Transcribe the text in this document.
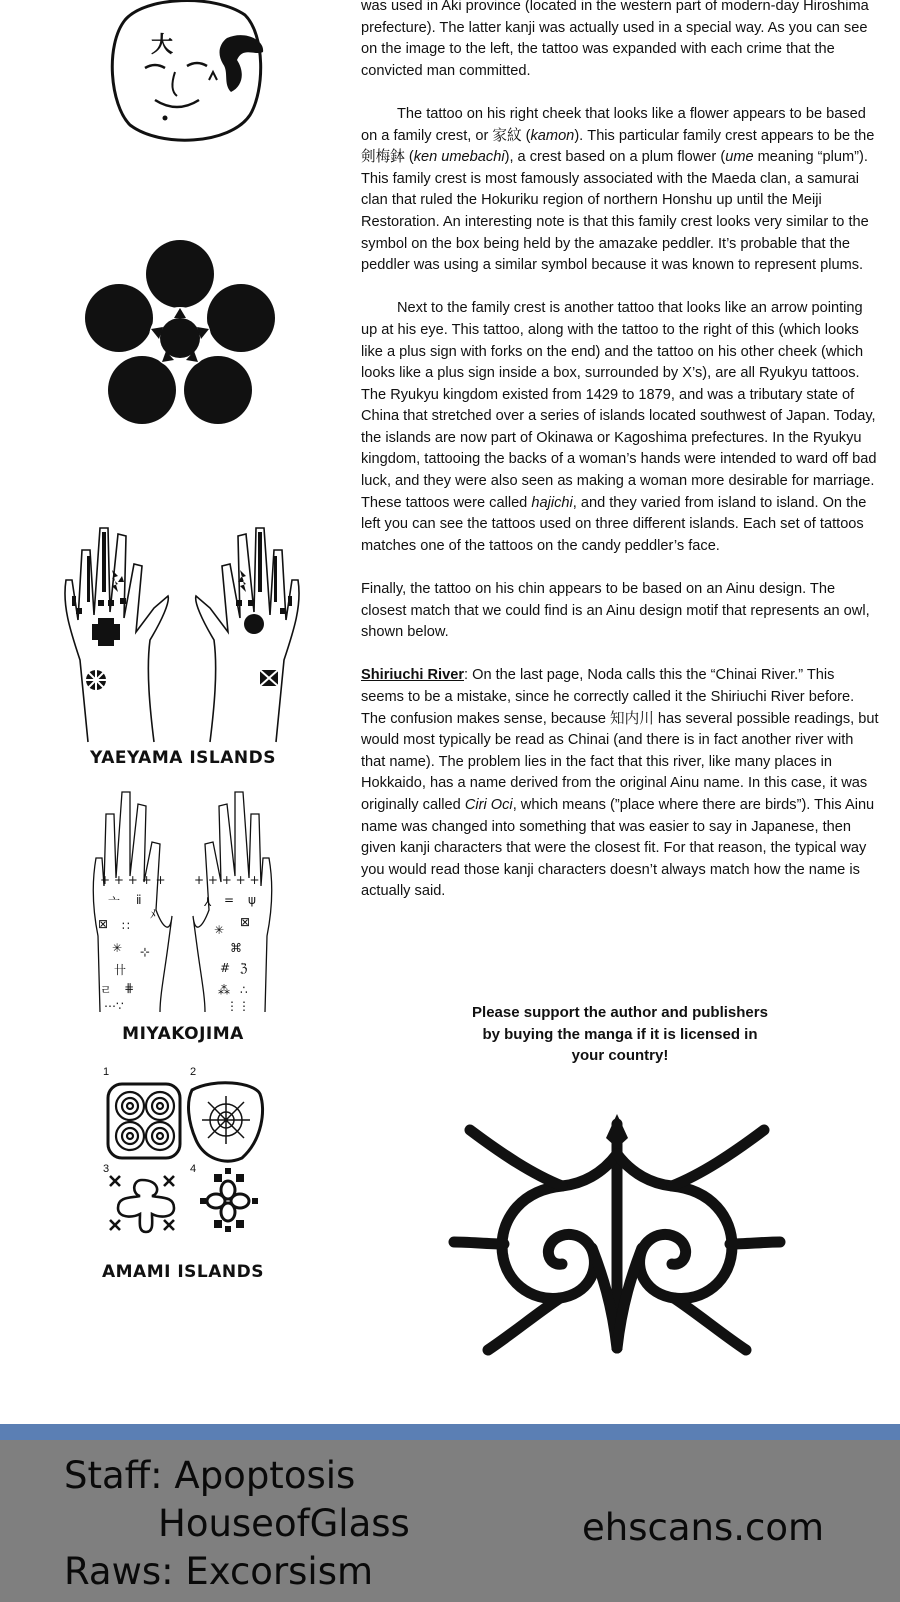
大
YAEYAMA ISLANDS
+ + + + +
亠 ⅱ
ﾒ
⊠ ∷
✳ ⊹
卄
ㄹ ⋕
⋯∵
+ + + + +
⅄ = ψ
⊠
✳
⌘
# ℨ
⁂ ∴
⋮⋮
MIYAKOJIMA
1	2
3	4
AMAMI ISLANDS

was used in Aki province (located in the western part of modern-day Hiroshima prefecture). The latter kanji was actually used in a special way. As you can see on the image to the left, the tattoo was expanded with each crime that the convicted man committed.

The tattoo on his right cheek that looks like a flower appears to be based on a family crest, or 家紋 (kamon). This particular family crest appears to be the 剣梅鉢 (ken umebachi), a crest based on a plum flower (ume meaning “plum”). This family crest is most famously associated with the Maeda clan, a samurai clan that ruled the Hokuriku region of northern Honshu up until the Meiji Restoration. An interesting note is that this family crest looks very similar to the symbol on the box being held by the amazake peddler. It’s probable that the peddler was using a similar symbol because it was known to represent plums.

Next to the family crest is another tattoo that looks like an arrow pointing up at his eye. This tattoo, along with the tattoo to the right of this (which looks like a plus sign with forks on the end) and the tattoo on his other cheek (which looks like a plus sign inside a box, surrounded by X’s), are all Ryukyu tattoos. The Ryukyu kingdom existed from 1429 to 1879, and was a tributary state of China that stretched over a series of islands located southwest of Japan. Today, the islands are now part of Okinawa or Kagoshima prefectures. In the Ryukyu kingdom, tattooing the backs of a woman’s hands were intended to ward off bad luck, and they were also seen as making a woman more desirable for marriage. These tattoos were called hajichi, and they varied from island to island. On the left you can see the tattoos used on three different islands. Each set of tattoos matches one of the tattoos on the candy peddler’s face.

Finally, the tattoo on his chin appears to be based on an Ainu design. The closest match that we could find is an Ainu design motif that represents an owl, shown below.

Shiriuchi River: On the last page, Noda calls this the “Chinai River.” This seems to be a mistake, since he correctly called it the Shiriuchi River before. The confusion makes sense, because 知内川 has several possible readings, but would most typically be read as Chinai (and there is in fact another river with that name). The problem lies in the fact that this river, like many places in Hokkaido, has a name derived from the original Ainu name. In this case, it was originally called Ciri Oci, which means (”place where there are birds”). This Ainu name was changed into something that was easier to say in Japanese, then given kanji characters that were the closest fit. For that reason, the typical way you would read those kanji characters doesn’t always match how the name is actually said.

Please support the author and publishers by buying the manga if it is licensed in your country!
Staff: Apoptosis
HouseofGlass
Raws: Excorsism
ehscans.com
